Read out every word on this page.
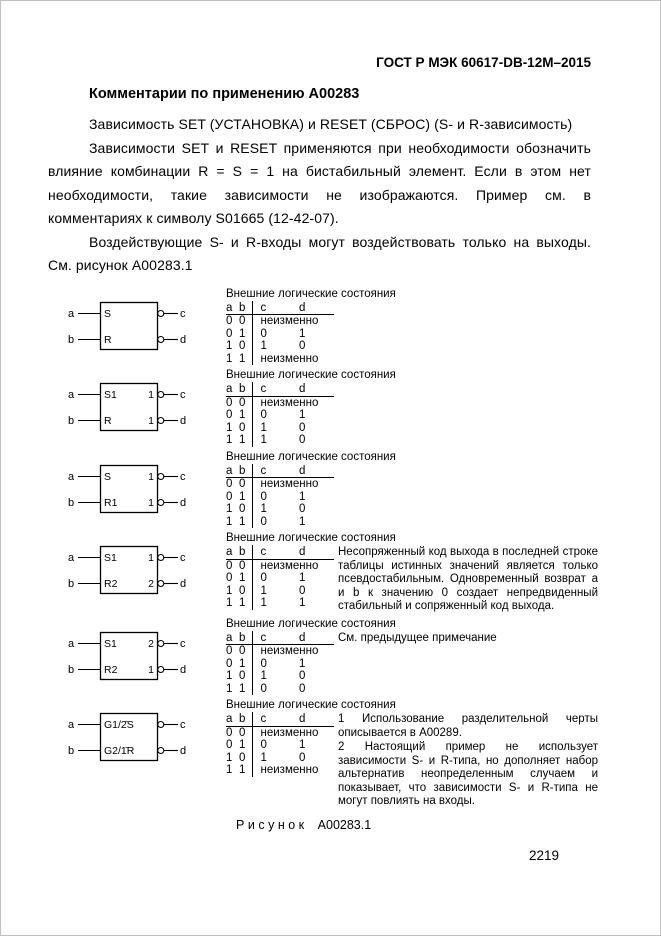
ГОСТ Р МЭК 60617-DB-12М–2015
Комментарии по применению А00283

Зависимость SET (УСТАНОВКА) и RESET (СБРОС) (S- и R-зависимость)

Зависимости SET и RESET применяются при необходимости обозначить влияние комбинации R = S = 1 на бистабильный элемент. Если в этом нет необходимости, такие зависимости не изображаются. Пример см. в комментариях к символу S01665 (12-42-07).

Воздействующие S- и R-входы могут воздействовать только на выходы. См. рисунок А00283.1

a
b
S
R
c
d
Внешние логические состояния
a	b	c	d
0	0	неизменно	
0	1	0	1
1	0	1	0
1	1	неизменно	
a
b
S1
R
1
1
c
d
Внешние логические состояния
a	b	c	d
0	0	неизменно	
0	1	0	1
1	0	1	0
1	1	1	0
a
b
S
R1
1
1
c
d
Внешние логические состояния
a	b	c	d
0	0	неизменно	
0	1	0	1
1	0	1	0
1	1	0	1
a
b
S1
R2
1
2
c
d
Внешние логические состояния
a	b	c	d
0	0	неизменно	
0	1	0	1
1	0	1	0
1	1	1	1

Несопряженный код выхода в последней строке таблицы истинных значений является только псевдостабильным. Одновременный возврат a и b к значению 0 создает непредвиденный стабильный и сопряженный код выхода.

a
b
S1
R2
2
1
c
d
Внешние логические состояния
a	b	c	d
0	0	неизменно	
0	1	0	1
1	0	1	0
1	1	0	0

См. предыдущее примечание

a
b
G1/2̄S
G2/1̄R
c
d
Внешние логические состояния
a	b	c	d
0	0	неизменно	
0	1	0	1
1	0	1	0
1	1	неизменно	

1 Использование разделительной черты описывается в А00289.

2 Настоящий пример не использует зависимости S- и R-типа, но дополняет набор альтернатив неопределенным случаем и показывает, что зависимости S- и R-типа не могут повлиять на входы.

Рисунок А00283.1
2219
